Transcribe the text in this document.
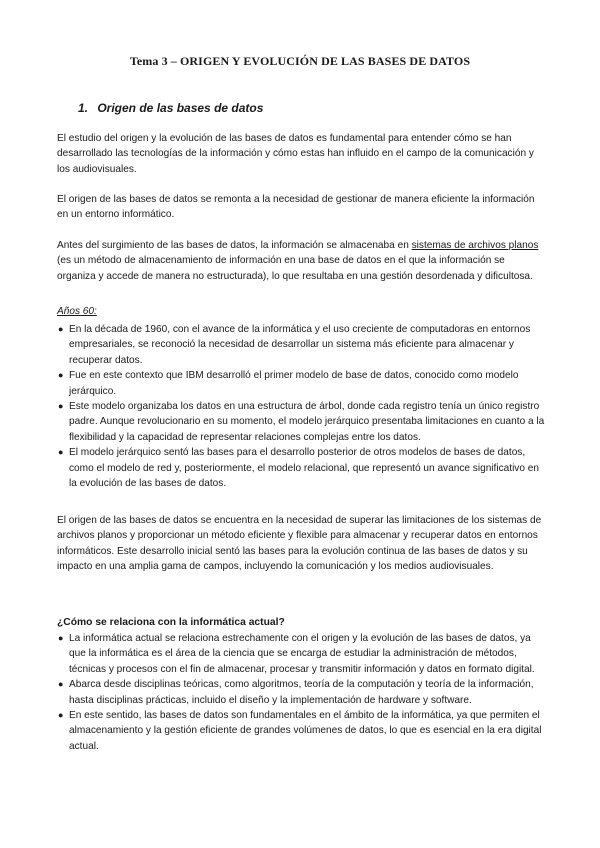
Tema 3 – ORIGEN Y EVOLUCIÓN DE LAS BASES DE DATOS
1. Origen de las bases de datos

El estudio del origen y la evolución de las bases de datos es fundamental para entender cómo se han desarrollado las tecnologías de la información y cómo estas han influido en el campo de la comunicación y los audiovisuales.

El origen de las bases de datos se remonta a la necesidad de gestionar de manera eficiente la información en un entorno informático.

Antes del surgimiento de las bases de datos, la información se almacenaba en sistemas de archivos planos (es un método de almacenamiento de información en una base de datos en el que la información se organiza y accede de manera no estructurada), lo que resultaba en una gestión desordenada y dificultosa.

Años 60:
● En la década de 1960, con el avance de la informática y el uso creciente de computadoras en entornos empresariales, se reconoció la necesidad de desarrollar un sistema más eficiente para almacenar y recuperar datos.
● Fue en este contexto que IBM desarrolló el primer modelo de base de datos, conocido como modelo jerárquico.
● Este modelo organizaba los datos en una estructura de árbol, donde cada registro tenía un único registro padre. Aunque revolucionario en su momento, el modelo jerárquico presentaba limitaciones en cuanto a la flexibilidad y la capacidad de representar relaciones complejas entre los datos.
● El modelo jerárquico sentó las bases para el desarrollo posterior de otros modelos de bases de datos, como el modelo de red y, posteriormente, el modelo relacional, que representó un avance significativo en la evolución de las bases de datos.

El origen de las bases de datos se encuentra en la necesidad de superar las limitaciones de los sistemas de archivos planos y proporcionar un método eficiente y flexible para almacenar y recuperar datos en entornos informáticos. Este desarrollo inicial sentó las bases para la evolución continua de las bases de datos y su impacto en una amplia gama de campos, incluyendo la comunicación y los medios audiovisuales.

¿Cómo se relaciona con la informática actual?
● La informática actual se relaciona estrechamente con el origen y la evolución de las bases de datos, ya que la informática es el área de la ciencia que se encarga de estudiar la administración de métodos, técnicas y procesos con el fin de almacenar, procesar y transmitir información y datos en formato digital.
● Abarca desde disciplinas teóricas, como algoritmos, teoría de la computación y teoría de la información, hasta disciplinas prácticas, incluido el diseño y la implementación de hardware y software.
● En este sentido, las bases de datos son fundamentales en el ámbito de la informática, ya que permiten el almacenamiento y la gestión eficiente de grandes volúmenes de datos, lo que es esencial en la era digital actual.
